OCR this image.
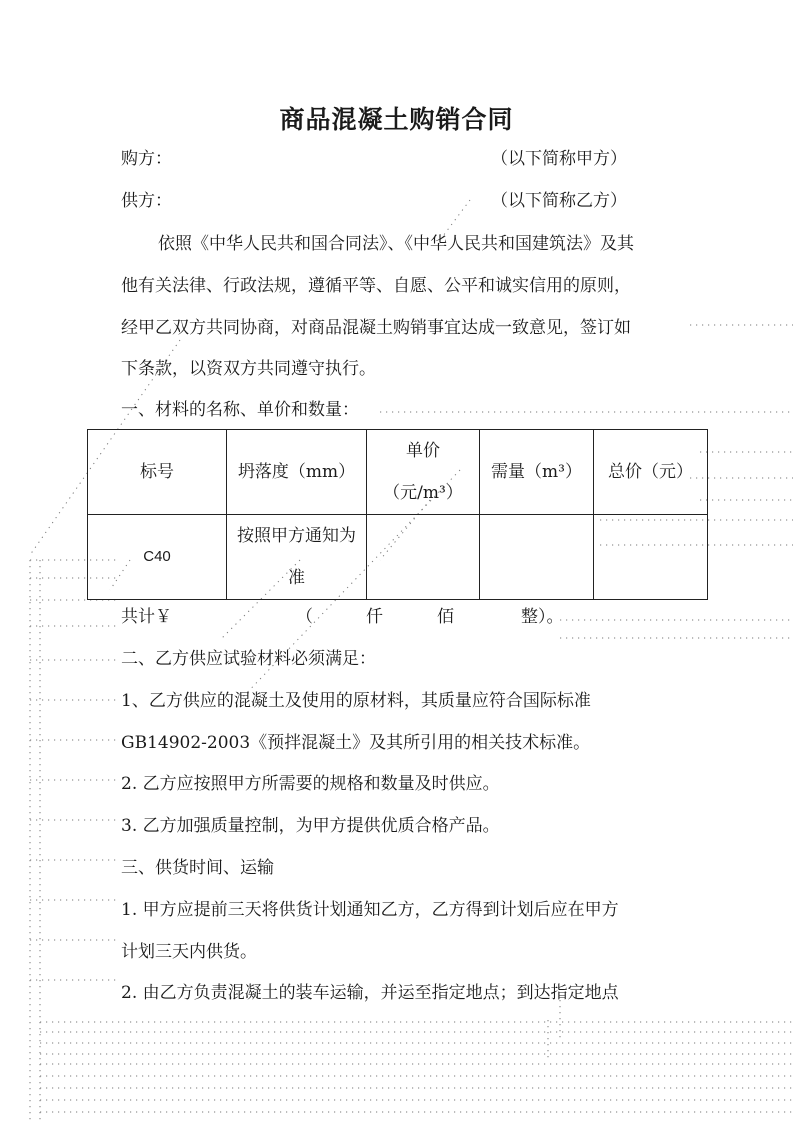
商品混凝土购销合同
购方：	（以下简称甲方）
供方：	（以下简称乙方）
依照《中华人民共和国合同法》、《中华人民共和国建筑法》及其
他有关法律、行政法规，遵循平等、自愿、公平和诚实信用的原则，
经甲乙双方共同协商，对商品混凝土购销事宜达成一致意见，签订如
下条款，以资双方共同遵守执行。
一、材料的名称、单价和数量：
标号	坍落度（mm）	单价（元/m³）	需量（m³）	总价（元）
C40	按照甲方通知为准			
共计￥	（	仟	佰	整）。
二、乙方供应试验材料必须满足：
1、乙方供应的混凝土及使用的原材料，其质量应符合国际标准
GB14902-2003《预拌混凝土》及其所引用的相关技术标准。
2. 乙方应按照甲方所需要的规格和数量及时供应。
3. 乙方加强质量控制，为甲方提供优质合格产品。
三、供货时间、运输
1. 甲方应提前三天将供货计划通知乙方，乙方得到计划后应在甲方
计划三天内供货。
2. 由乙方负责混凝土的装车运输，并运至指定地点；到达指定地点
